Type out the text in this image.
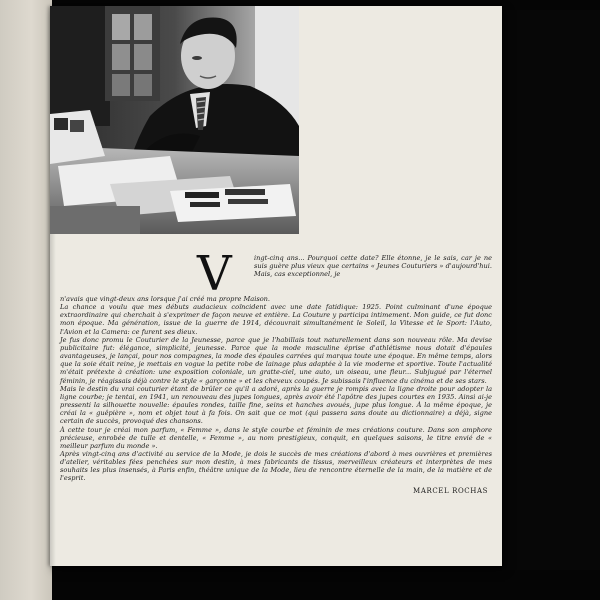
V	ingt-cinq ans... Pourquoi cette date? Elle étonne, je le sais, car je ne suis guère plus vieux que certains « Jeunes Couturiers » d'aujourd'hui. Mais, cas exceptionnel, je

n'avais que vingt-deux ans lorsque j'ai créé ma propre Maison.

La chance a voulu que mes débuts audacieux coïncident avec une date fatidique: 1925. Point culminant d'une époque extraordinaire qui cherchait à s'exprimer de façon neuve et entière. La Couture y participa intimement. Mon guide, ce fut donc mon époque. Ma génération, issue de la guerre de 1914, découvrait simultanément le Soleil, la Vitesse et le Sport: l'Auto, l'Avion et la Camera: ce furent ses dieux.

Je fus donc promu le Couturier de la Jeunesse, parce que je l'habillais tout naturellement dans son nouveau rôle. Ma devise publicitaire fut: élégance, simplicité, jeunesse. Parce que la mode masculine éprise d'athlétisme nous dotait d'épaules avantageuses, je lançai, pour nos compagnes, la mode des épaules carrées qui marqua toute une époque. En même temps, alors que la soie était reine, je mettais en vogue la petite robe de lainage plus adaptée à la vie moderne et sportive. Toute l'actualité m'était prétexte à création: une exposition coloniale, un gratte-ciel, une auto, un oiseau, une fleur... Subjugué par l'éternel féminin, je réagissais déjà contre le style « garçonne » et les cheveux coupés. Je subissais l'influence du cinéma et de ses stars.

Mais le destin du vrai couturier étant de brûler ce qu'il a adoré, après la guerre je rompis avec la ligne droite pour adopter la ligne courbe; je tentai, en 1941, un renouveau des jupes longues, après avoir été l'apôtre des jupes courtes en 1935. Ainsi ai-je pressenti la silhouette nouvelle: épaules rondes, taille fine, seins et hanches avoués, jupe plus longue. À la même époque, je créai la « guêpière », nom et objet tout à fa fois. On sait que ce mot (qui passera sans doute au dictionnaire) a déjà, signe certain de succès, provoqué des chansons.

À cette tour je créai mon parfum, « Femme », dans le style courbe et féminin de mes créations couture. Dans son amphore précieuse, enrobée de tulle et dentelle, « Femme », au nom prestigieux, conquit, en quelques saisons, le titre envié de « meilleur parfum du monde ».

Après vingt-cinq ans d'activité au service de la Mode, je dois le succès de mes créations d'abord à mes ouvrières et premières d'atelier, véritables fées penchées sur mon destin, à mes fabricants de tissus, merveilleux créateurs et interprètes de mes souhaits les plus insensés, à Paris enfin, théâtre unique de la Mode, lieu de rencontre éternelle de la main, de la matière et de l'esprit.

MARCEL ROCHAS
